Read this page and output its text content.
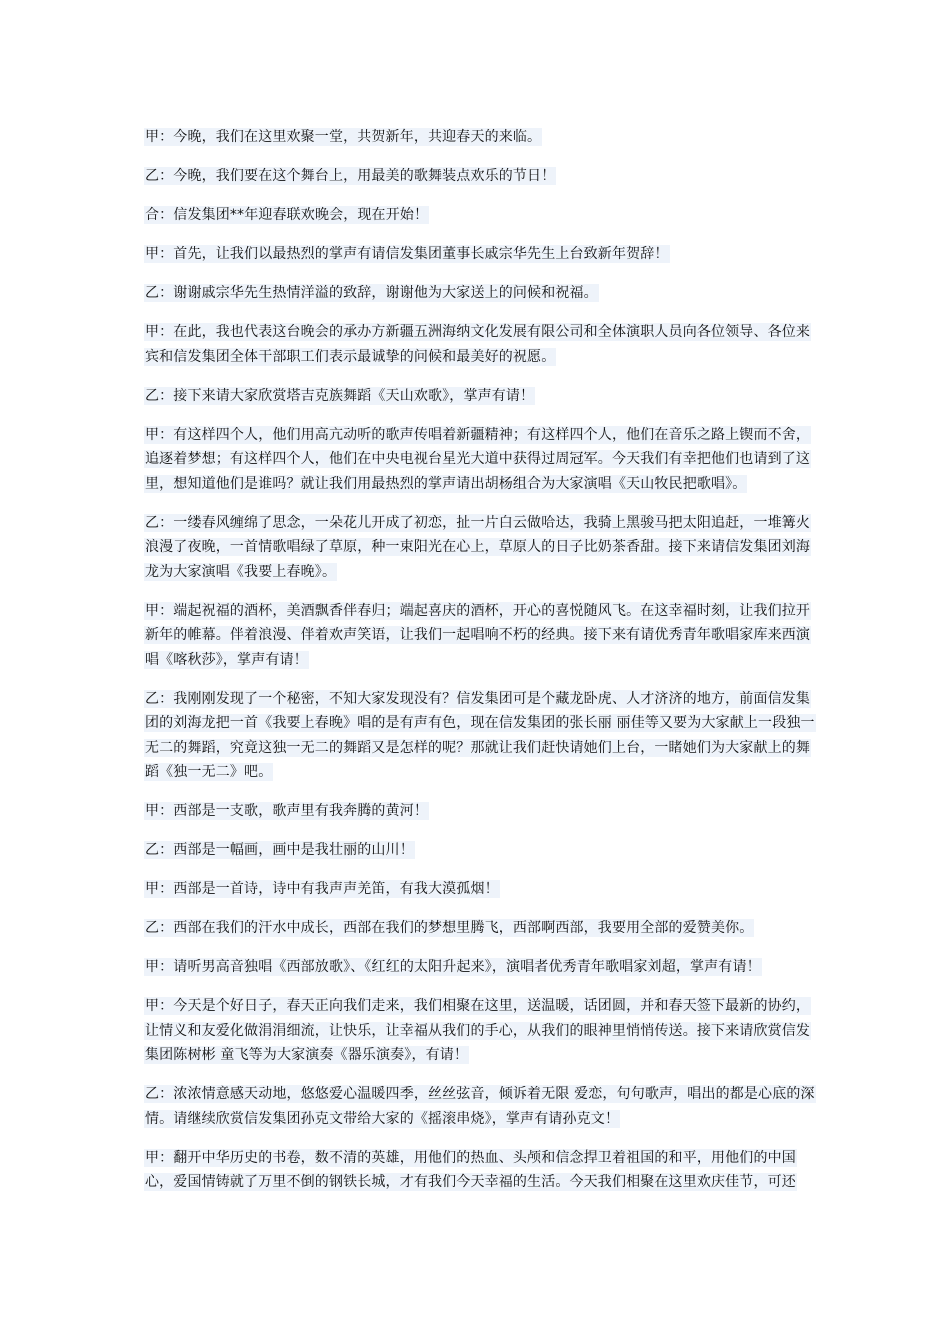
甲：今晚，我们在这里欢聚一堂，共贺新年，共迎春天的来临。

乙：今晚，我们要在这个舞台上，用最美的歌舞装点欢乐的节日！

合：信发集团**年迎春联欢晚会，现在开始！

甲：首先，让我们以最热烈的掌声有请信发集团董事长戚宗华先生上台致新年贺辞！

乙：谢谢戚宗华先生热情洋溢的致辞，谢谢他为大家送上的问候和祝福。

甲：在此，我也代表这台晚会的承办方新疆五洲海纳文化发展有限公司和全体演职人员向各位领导、各位来宾和信发集团全体干部职工们表示最诚挚的问候和最美好的祝愿。

乙：接下来请大家欣赏塔吉克族舞蹈《天山欢歌》，掌声有请！

甲：有这样四个人，他们用高亢动听的歌声传唱着新疆精神；有这样四个人，他们在音乐之路上锲而不舍，追逐着梦想；有这样四个人，他们在中央电视台星光大道中获得过周冠军。今天我们有幸把他们也请到了这里，想知道他们是谁吗？就让我们用最热烈的掌声请出胡杨组合为大家演唱《天山牧民把歌唱》。

乙：一缕春风缠绵了思念，一朵花儿开成了初恋，扯一片白云做哈达，我骑上黑骏马把太阳追赶，一堆篝火浪漫了夜晚，一首情歌唱绿了草原，种一束阳光在心上，草原人的日子比奶茶香甜。接下来请信发集团刘海龙为大家演唱《我要上春晚》。

甲：端起祝福的酒杯，美酒飘香伴春归；端起喜庆的酒杯，开心的喜悦随风飞。在这幸福时刻，让我们拉开新年的帷幕。伴着浪漫、伴着欢声笑语，让我们一起唱响不朽的经典。接下来有请优秀青年歌唱家库来西演唱《喀秋莎》，掌声有请！

乙：我刚刚发现了一个秘密，不知大家发现没有？信发集团可是个藏龙卧虎、人才济济的地方，前面信发集团的刘海龙把一首《我要上春晚》唱的是有声有色，现在信发集团的张长丽 丽佳等又要为大家献上一段独一无二的舞蹈，究竟这独一无二的舞蹈又是怎样的呢？那就让我们赶快请她们上台，一睹她们为大家献上的舞蹈《独一无二》吧。

甲：西部是一支歌，歌声里有我奔腾的黄河！

乙：西部是一幅画，画中是我壮丽的山川！

甲：西部是一首诗，诗中有我声声羌笛，有我大漠孤烟！

乙：西部在我们的汗水中成长，西部在我们的梦想里腾飞，西部啊西部，我要用全部的爱赞美你。

甲：请听男高音独唱《西部放歌》、《红红的太阳升起来》，演唱者优秀青年歌唱家刘超，掌声有请！

甲：今天是个好日子，春天正向我们走来，我们相聚在这里，送温暖，话团圆，并和春天签下最新的协约，让情义和友爱化做涓涓细流，让快乐，让幸福从我们的手心，从我们的眼神里悄悄传送。接下来请欣赏信发集团陈树彬 童飞等为大家演奏《器乐演奏》，有请！

乙：浓浓情意感天动地，悠悠爱心温暖四季，丝丝弦音，倾诉着无限 爱恋，句句歌声，唱出的都是心底的深情。请继续欣赏信发集团孙克文带给大家的《摇滚串烧》，掌声有请孙克文！

甲：翻开中华历史的书卷，数不清的英雄，用他们的热血、头颅和信念捍卫着祖国的和平，用他们的中国心，爱国情铸就了万里不倒的钢铁长城，才有我们今天幸福的生活。今天我们相聚在这里欢庆佳节，可还
